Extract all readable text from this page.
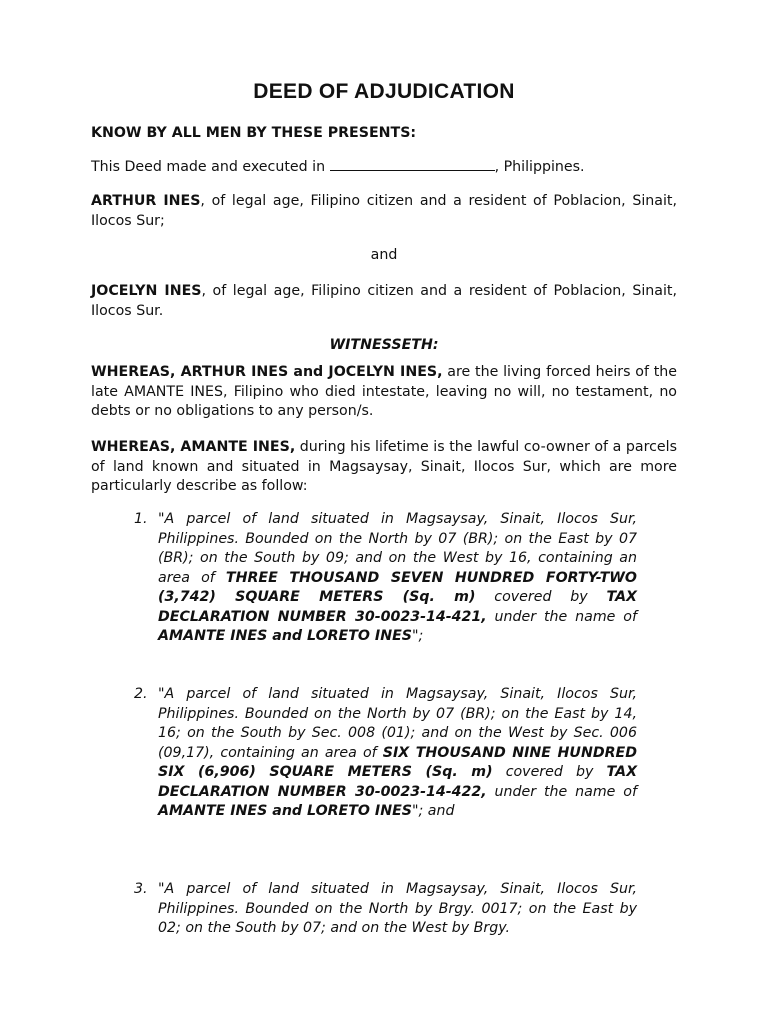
DEED OF ADJUDICATION
KNOW BY ALL MEN BY THESE PRESENTS:
This Deed made and executed in	, Philippines.
ARTHUR INES, of legal age, Filipino citizen and a resident of Poblacion, Sinait, Ilocos Sur;
and
JOCELYN INES, of legal age, Filipino citizen and a resident of Poblacion, Sinait, Ilocos Sur.
WITNESSETH:
WHEREAS, ARTHUR INES and JOCELYN INES, are the living forced heirs of the late AMANTE INES, Filipino who died intestate, leaving no will, no testament, no debts or no obligations to any person/s.
WHEREAS, AMANTE INES, during his lifetime is the lawful co-owner of a parcels of land known and situated in Magsaysay, Sinait, Ilocos Sur, which are more particularly describe as follow:
1. "A parcel of land situated in Magsaysay, Sinait, Ilocos Sur, Philippines. Bounded on the North by 07 (BR); on the East by 07 (BR); on the South by 09; and on the West by 16, containing an area of THREE THOUSAND SEVEN HUNDRED FORTY-TWO (3,742) SQUARE METERS (Sq. m) covered by TAX DECLARATION NUMBER 30-0023-14-421, under the name of AMANTE INES and LORETO INES";
2. "A parcel of land situated in Magsaysay, Sinait, Ilocos Sur, Philippines. Bounded on the North by 07 (BR); on the East by 14, 16; on the South by Sec. 008 (01); and on the West by Sec. 006 (09,17), containing an area of SIX THOUSAND NINE HUNDRED SIX (6,906) SQUARE METERS (Sq. m) covered by TAX DECLARATION NUMBER 30-0023-14-422, under the name of AMANTE INES and LORETO INES"; and
3. "A parcel of land situated in Magsaysay, Sinait, Ilocos Sur, Philippines. Bounded on the North by Brgy. 0017; on the East by 02; on the South by 07; and on the West by Brgy.
